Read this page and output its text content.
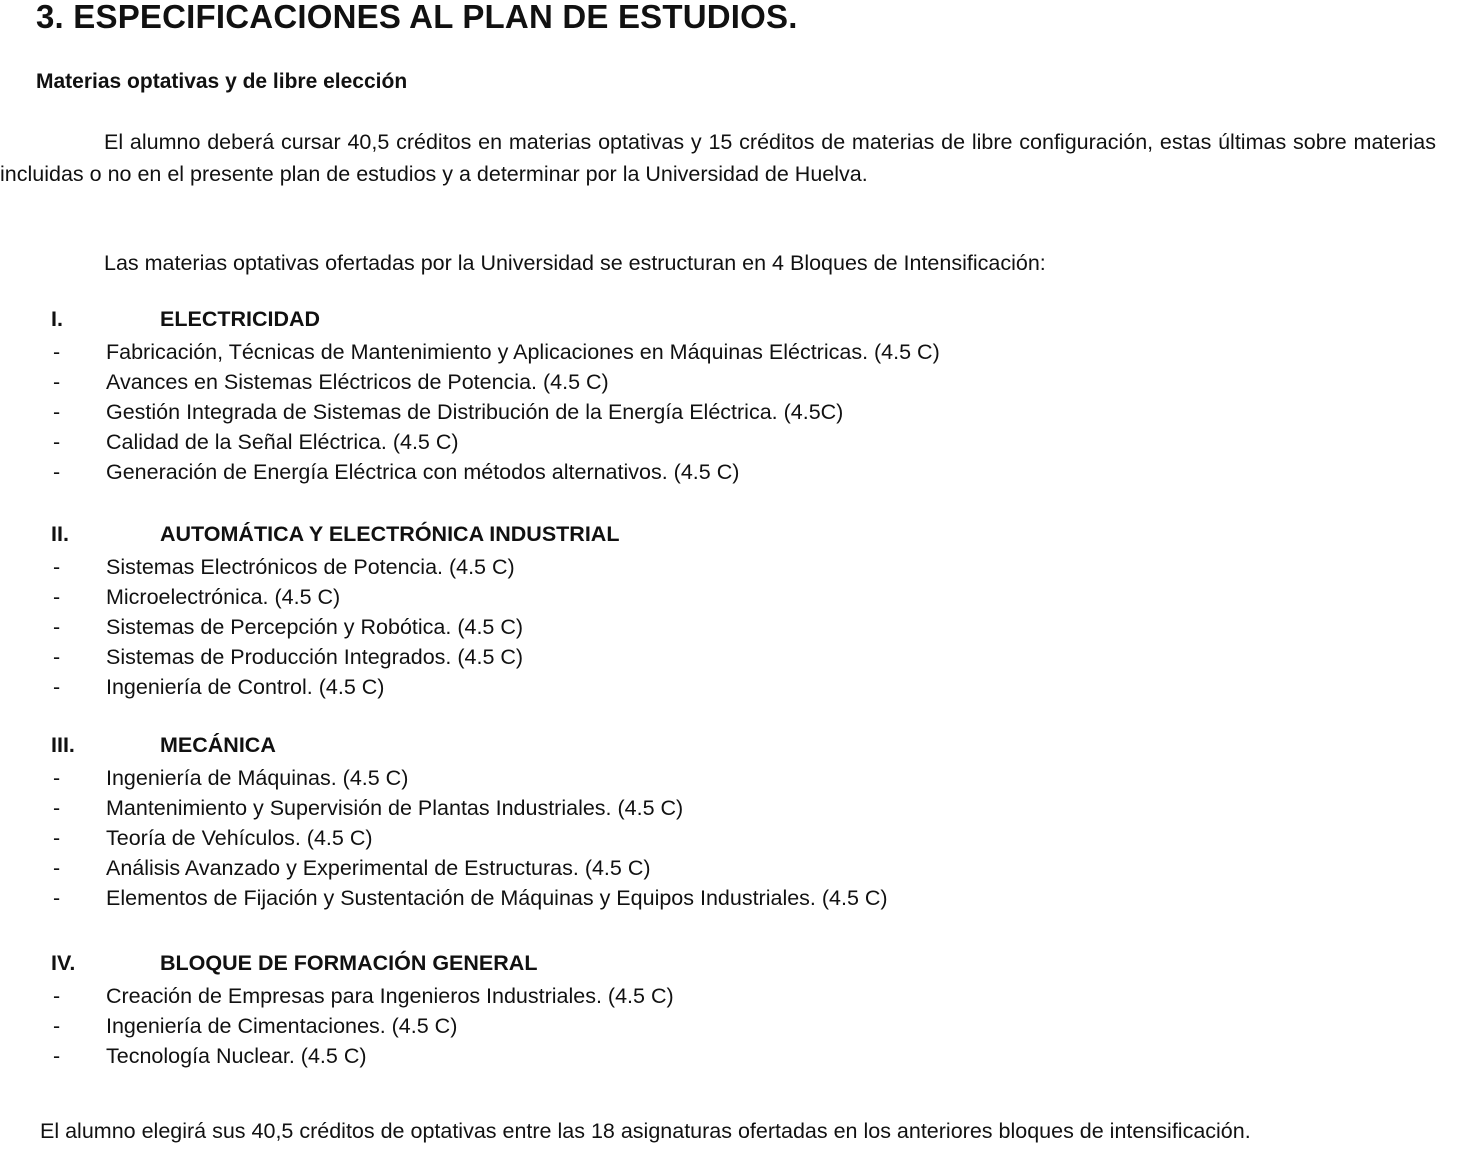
3. ESPECIFICACIONES AL PLAN DE ESTUDIOS.
Materias optativas y de libre elección

El alumno deberá cursar 40,5 créditos en materias optativas y 15 créditos de materias de libre configuración, estas últimas sobre materias incluidas o no en el presente plan de estudios y a determinar por la Universidad de Huelva.

Las materias optativas ofertadas por la Universidad se estructuran en 4 Bloques de Intensificación:

I.	ELECTRICIDAD
- Fabricación, Técnicas de Mantenimiento y Aplicaciones en Máquinas Eléctricas. (4.5 C)
- Avances en Sistemas Eléctricos de Potencia. (4.5 C)
- Gestión Integrada de Sistemas de Distribución de la Energía Eléctrica. (4.5C)
- Calidad de la Señal Eléctrica. (4.5 C)
- Generación de Energía Eléctrica con métodos alternativos. (4.5 C)
II.	AUTOMÁTICA Y ELECTRÓNICA INDUSTRIAL
- Sistemas Electrónicos de Potencia. (4.5 C)
- Microelectrónica. (4.5 C)
- Sistemas de Percepción y Robótica. (4.5 C)
- Sistemas de Producción Integrados. (4.5 C)
- Ingeniería de Control. (4.5 C)
III.	MECÁNICA
- Ingeniería de Máquinas. (4.5 C)
- Mantenimiento y Supervisión de Plantas Industriales. (4.5 C)
- Teoría de Vehículos. (4.5 C)
- Análisis Avanzado y Experimental de Estructuras. (4.5 C)
- Elementos de Fijación y Sustentación de Máquinas y Equipos Industriales. (4.5 C)
IV.	BLOQUE DE FORMACIÓN GENERAL
- Creación de Empresas para Ingenieros Industriales. (4.5 C)
- Ingeniería de Cimentaciones. (4.5 C)
- Tecnología Nuclear. (4.5 C)

El alumno elegirá sus 40,5 créditos de optativas entre las 18 asignaturas ofertadas en los anteriores bloques de intensificación.
